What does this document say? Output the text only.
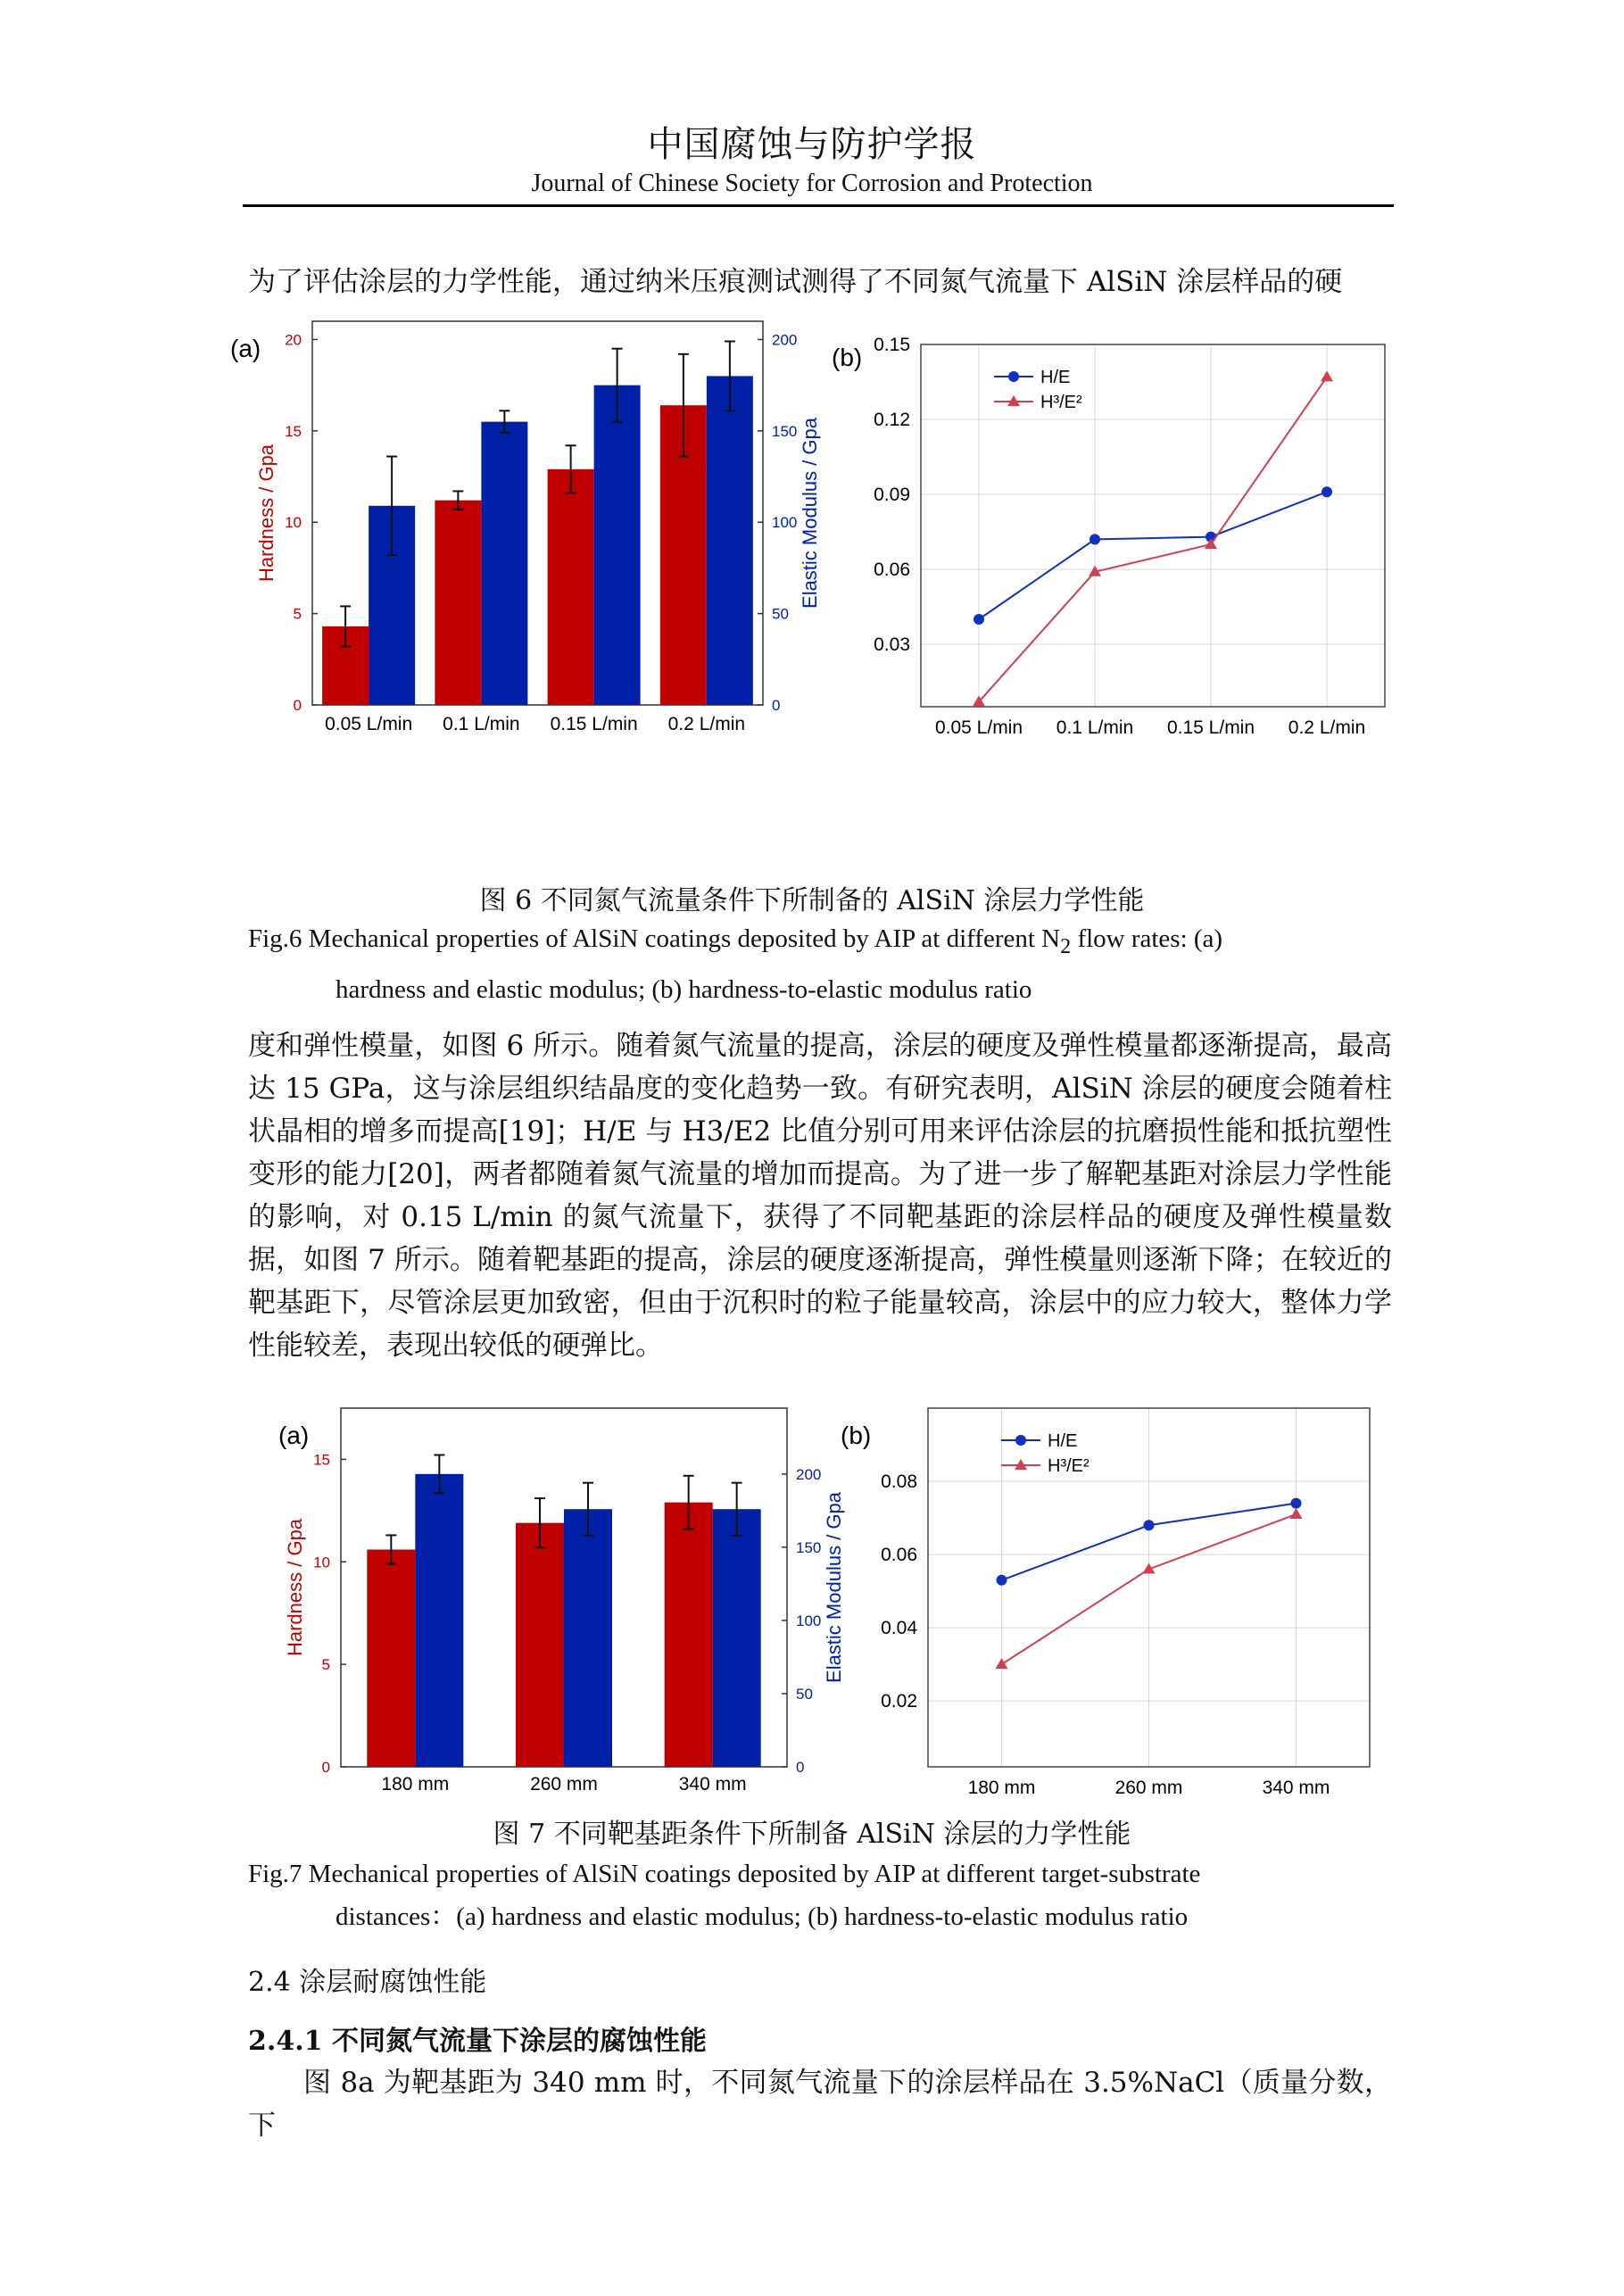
中国腐蚀与防护学报
Journal of Chinese Society for Corrosion and Protection
为了评估涂层的力学性能，通过纳米压痕测试测得了不同氮气流量下 AlSiN 涂层样品的硬
(a)
0.05 L/min 0.1 L/min 0.15 L/min 0.2 L/min
0
5
10
15
20
0
50
100
150
200
Hardness / Gpa	Elastic Modulus / Gpa
(b)
0.05 L/min 0.1 L/min 0.15 L/min 0.2 L/min
0.03
0.06
0.09
0.12
0.15
H/E
H³/E²
图 6 不同氮气流量条件下所制备的 AlSiN 涂层力学性能
Fig.6 Mechanical properties of AlSiN coatings deposited by AIP at different $N_2$ flow rates: (a)
hardness and elastic modulus; (b) hardness-to-elastic modulus ratio
度和弹性模量，如图 6 所示。随着氮气流量的提高，涂层的硬度及弹性模量都逐渐提高，最高达 15 GPa，这与涂层组织结晶度的变化趋势一致。有研究表明，AlSiN 涂层的硬度会随着柱状晶相的增多而提高[19]；H/E 与 H3/E2 比值分别可用来评估涂层的抗磨损性能和抵抗塑性变形的能力[20]，两者都随着氮气流量的增加而提高。为了进一步了解靶基距对涂层力学性能的影响，对 0.15 L/min 的氮气流量下，获得了不同靶基距的涂层样品的硬度及弹性模量数据，如图 7 所示。随着靶基距的提高，涂层的硬度逐渐提高，弹性模量则逐渐下降；在较近的靶基距下，尽管涂层更加致密，但由于沉积时的粒子能量较高，涂层中的应力较大，整体力学性能较差，表现出较低的硬弹比。
(a)
180 mm	260 mm	340 mm
0
5
10
15
0
50
100
150
200
Hardness / Gpa	Elastic Modulus / Gpa
(b)
180 mm	260 mm	340 mm
0.02
0.04
0.06
0.08
H/E
H³/E²
图 7 不同靶基距条件下所制备 AlSiN 涂层的力学性能
Fig.7 Mechanical properties of AlSiN coatings deposited by AIP at different target-substrate
distances：(a) hardness and elastic modulus; (b) hardness-to-elastic modulus ratio
2.4 涂层耐腐蚀性能
2.4.1 不同氮气流量下涂层的腐蚀性能
图 8a 为靶基距为 340 mm 时，不同氮气流量下的涂层样品在 3.5%NaCl（质量分数，下
